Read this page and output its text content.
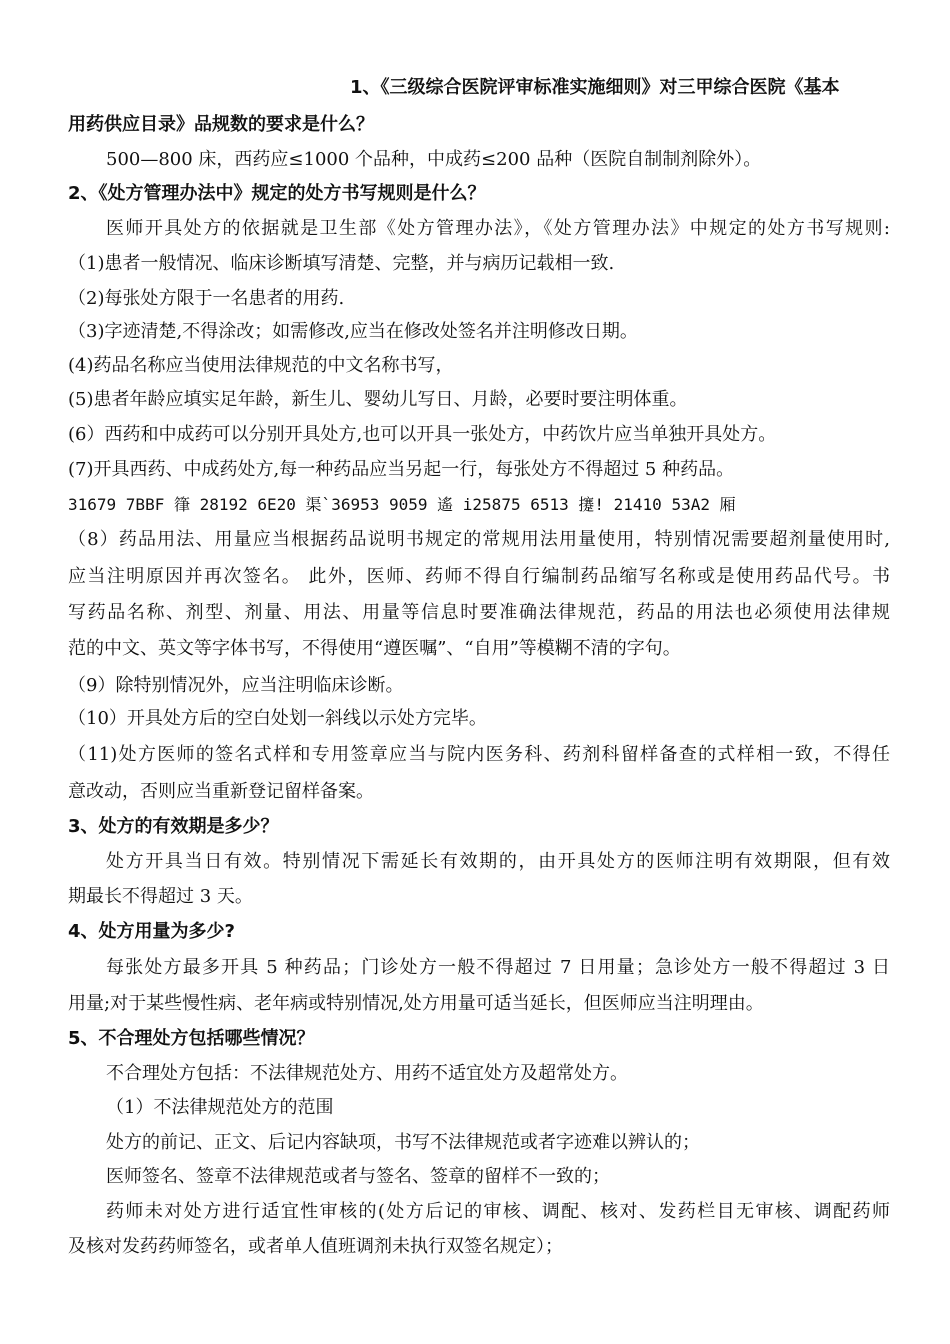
1、《三级综合医院评审标准实施细则》对三甲综合医院《基本
用药供应目录》品规数的要求是什么？
500—800 床，西药应≤1000 个品种，中成药≤200 品种（医院自制制剂除外）。
2、《处方管理办法中》规定的处方书写规则是什么？
医师开具处方的依据就是卫生部《处方管理办法》，《处方管理办法》中规定的处方书写规则:
（1)患者一般情况、临床诊断填写清楚、完整，并与病历记载相一致.
（2)每张处方限于一名患者的用药.
（3)字迹清楚,不得涂改；如需修改,应当在修改处签名并注明修改日期。
(4)药品名称应当使用法律规范的中文名称书写，
(5)患者年龄应填实足年龄，新生儿、婴幼儿写日、月龄，必要时要注明体重。
(6）西药和中成药可以分别开具处方,也可以开具一张处方，中药饮片应当单独开具处方。
(7)开具西药、中成药处方,每一种药品应当另起一行，每张处方不得超过 5 种药品。
31679 7BBF 箻 28192 6E20 渠`36953 9059 遙 i25875 6513 攓! 21410 53A2 厢
（8）药品用法、用量应当根据药品说明书规定的常规用法用量使用，特别情况需要超剂量使用时,
应当注明原因并再次签名。 此外，医师、药师不得自行编制药品缩写名称或是使用药品代号。书
写药品名称、剂型、剂量、用法、用量等信息时要准确法律规范，药品的用法也必须使用法律规
范的中文、英文等字体书写，不得使用“遵医嘱”、“自用”等模糊不清的字句。
（9）除特别情况外，应当注明临床诊断。
（10）开具处方后的空白处划一斜线以示处方完毕。
（11)处方医师的签名式样和专用签章应当与院内医务科、药剂科留样备查的式样相一致，不得任
意改动，否则应当重新登记留样备案。
3、处方的有效期是多少？
处方开具当日有效。特别情况下需延长有效期的，由开具处方的医师注明有效期限，但有效
期最长不得超过 3 天。
4、处方用量为多少?
每张处方最多开具 5 种药品；门诊处方一般不得超过 7 日用量；急诊处方一般不得超过 3 日
用量;对于某些慢性病、老年病或特别情况,处方用量可适当延长，但医师应当注明理由。
5、不合理处方包括哪些情况？
不合理处方包括：不法律规范处方、用药不适宜处方及超常处方。
（1）不法律规范处方的范围
处方的前记、正文、后记内容缺项，书写不法律规范或者字迹难以辨认的；
医师签名、签章不法律规范或者与签名、签章的留样不一致的；
药师未对处方进行适宜性审核的(处方后记的审核、调配、核对、发药栏目无审核、调配药师
及核对发药药师签名，或者单人值班调剂未执行双签名规定）；
